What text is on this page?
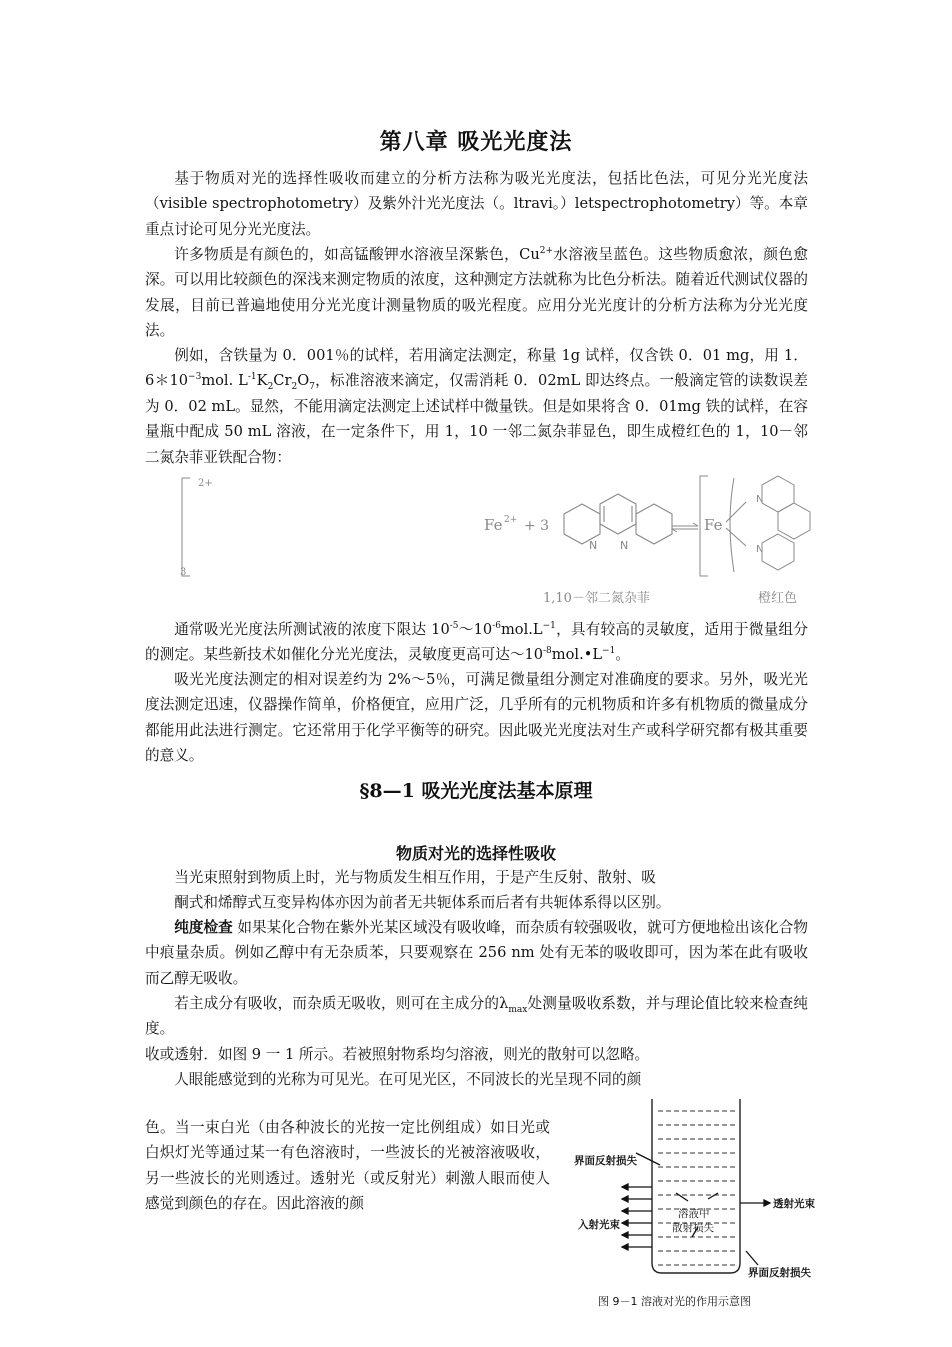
第八章 吸光光度法
基于物质对光的选择性吸收而建立的分析方法称为吸光光度法，包括比色法，可见分光光度法（visible spectrophotometry）及紫外汁光光度法（。ltravi。）letspectrophotometry）等。本章重点讨论可见分光光度法。
许多物质是有颜色的，如高锰酸钾水溶液呈深紫色，$Cu^{2+}$水溶液呈蓝色。这些物质愈浓，颜色愈深。可以用比较颜色的深浅来测定物质的浓度，这种测定方法就称为比色分析法。随着近代测试仪器的发展，目前已普遍地使用分光光度计测量物质的吸光程度。应用分光光度计的分析方法称为分光光度法。
例如，含铁量为 0．001％的试样，若用滴定法测定，称量 1g 试样，仅含铁 0．01 mg，用 1．$6*10^{-3}mol$. $L^{-1}K_2Cr_2O_7$，标准溶液来滴定，仅需消耗 0．02mL 即达终点。一般滴定管的读数误差为 0．02 mL。显然，不能用滴定法测定上述试样中微量铁。但是如果将含 0．01mg 铁的试样，在容量瓶中配成 50 mL 溶液，在一定条件下，用 1，10 一邻二氮杂菲显色，即生成橙红色的 1，10－邻二氮杂菲亚铁配合物：
2+
3
Fe 2+ + 3
N N
Fe
N
N
1,10－邻二氮杂菲	橙红色
通常吸光光度法所测试液的浓度下限达 $10^{-5}\sim 10^{-6}mol.L^{-1}$，具有较高的灵敏度，适用于微量组分的测定。某些新技术如催化分光光度法，灵敏度更高可达$\sim 10^{-8}mol.•L^{-1}$。
吸光光度法测定的相对误差约为 2%～5％，可满足微量组分测定对准确度的要求。另外，吸光光度法测定迅速，仪器操作简单，价格便宜，应用广泛，几乎所有的元机物质和许多有机物质的微量成分都能用此法进行测定。它还常用于化学平衡等的研究。因此吸光光度法对生产或科学研究都有极其重要的意义。
§8—1 吸光光度法基本原理
物质对光的选择性吸收
当光束照射到物质上时，光与物质发生相互作用，于是产生反射、散射、吸
酮式和烯醇式互变异构体亦因为前者无共轭体系而后者有共轭体系得以区别。
纯度检查 如果某化合物在紫外光某区域没有吸收峰，而杂质有较强吸收，就可方便地检出该化合物中痕量杂质。例如乙醇中有无杂质苯，只要观察在 256 nm 处有无苯的吸收即可，因为苯在此有吸收而乙醇无吸收。
若主成分有吸收，而杂质无吸收，则可在主成分的$\lambda_{max}$处测量吸收系数，并与理论值比较来检查纯度。
收或透射．如图 9 一 1 所示。若被照射物系均匀溶液，则光的散射可以忽略。
人眼能感觉到的光称为可见光。在可见光区，不同波长的光呈现不同的颜
色。当一束白光（由各种波长的光按一定比例组成）如日光或白炽灯光等通过某一有色溶液时，一些波长的光被溶液吸收，另一些波长的光则透过。透射光（或反射光）刺激人眼而使人感觉到颜色的存在。因此溶液的颜
界面反射损失
透射光束
溶液中
散射损失
入射光束
界面反射损失
图 9－1 溶液对光的作用示意图
